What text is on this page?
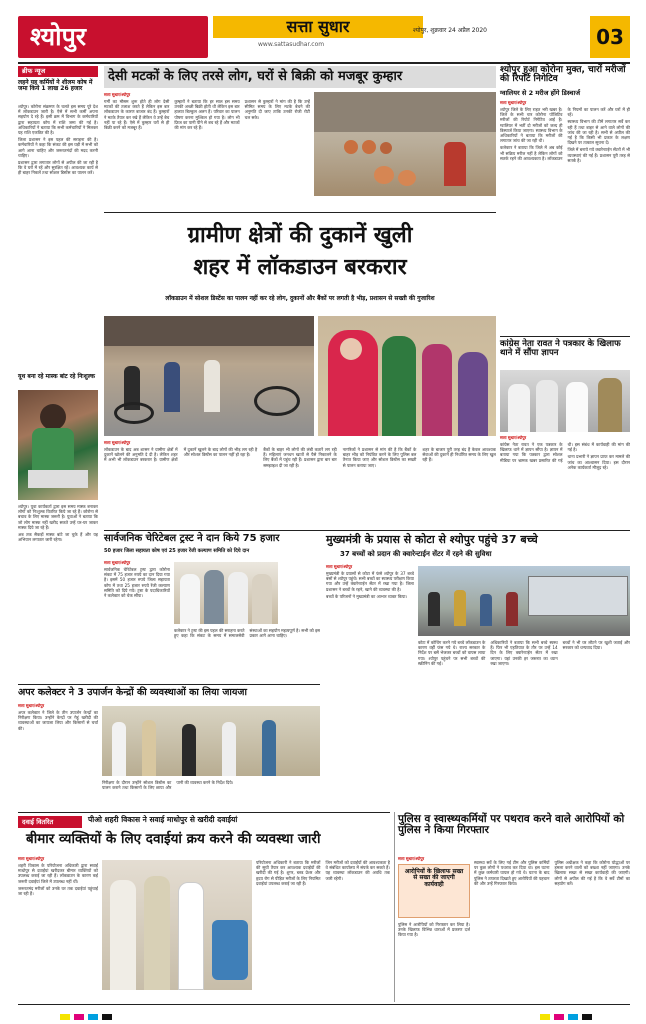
श्योपुर	सत्ता सुधार
www.sattasudhar.com
श्योपुर, शुक्रवार 24 अप्रैल 2020	03
ब्रीफ न्यूज
लहने यह कर्मियों ने शीलम कोष में जमा किये 1 लाख 26 हजार

श्योपुर। कोरोना संक्रमण के चलते इस समय पूरे देश में लॉकडाउन जारी है। ऐसे में सभी कर्मी अपना सहयोग दे रहे हैं। इसी क्रम में विभाग के कर्मचारियों द्वारा सहायता कोष में राशि जमा की गई है। अधिकारियों ने बताया कि सभी कर्मचारियों ने मिलकर यह राशि एकत्रित की है।

जिला प्रशासन ने इस पहल की सराहना की है। कर्मचारियों ने कहा कि संकट की इस घड़ी में सभी को आगे आना चाहिए और जरूरतमंदों की मदद करनी चाहिए।

प्रशासन द्वारा लगातार लोगों से अपील की जा रही है कि वे घरों में रहें और सुरक्षित रहें। आवश्यक कार्य से ही बाहर निकलें तथा सोशल डिस्टेंस का पालन करें।

यूथ बना रहे मास्क बांट रहे निःशुल्क

श्योपुर। युवा कार्यकर्ता द्वारा इस समय मास्क बनाकर लोगों को निःशुल्क वितरित किये जा रहे हैं। कोरोना से बचाव के लिए मास्क जरूरी है। युवाओं ने बताया कि जो लोग मास्क नहीं खरीद सकते उन्हें घर-घर जाकर मास्क दिये जा रहे हैं।

अब तक सैकड़ों मास्क बांटे जा चुके हैं और यह अभियान लगातार जारी रहेगा।

देसी मटकों के लिए तरसे लोग, घरों से बिक्री को मजबूर कुम्हार
सत्ता सुधार/श्योपुर

गर्मी का मौसम शुरू होते ही लोग देसी मटकों की तलाश करते हैं लेकिन इस बार लॉकडाउन के कारण बाजार बंद हैं। कुम्हारों ने मटके तैयार कर रखे हैं लेकिन वे उन्हें बेच नहीं पा रहे हैं। ऐसे में कुम्हार घरों से ही बिक्री करने को मजबूर हैं।

कुम्हारों ने बताया कि हर साल इस समय उनकी अच्छी बिक्री होती थी लेकिन इस बार हालात बिल्कुल अलग हैं। परिवार का पालन पोषण करना मुश्किल हो गया है। लोग भी फ्रिज का पानी पीने से बच रहे हैं और मटकों की मांग कर रहे हैं।

प्रशासन से कुम्हारों ने मांग की है कि उन्हें सीमित समय के लिए मटके बेचने की अनुमति दी जाए ताकि उनकी रोजी रोटी चल सके।

श्योपुर हुआ कोरोना मुक्त, चारों मरीजों की रिपोर्ट निगेटिव
ग्वालियर से 2 मरीज होंगे डिस्चार्ज
सत्ता सुधार/श्योपुर

श्योपुर जिले के लिए राहत भरी खबर है। जिले के सभी चार कोरोना पॉजिटिव मरीजों की रिपोर्ट निगेटिव आई है। ग्वालियर में भर्ती दो मरीजों को जल्द ही डिस्चार्ज किया जाएगा। स्वास्थ्य विभाग के अधिकारियों ने बताया कि मरीजों की लगातार जांच की जा रही थी।

कलेक्टर ने बताया कि जिले में अब कोई भी सक्रिय मरीज नहीं है लेकिन लोगों को सतर्क रहने की आवश्यकता है। लॉकडाउन के नियमों का पालन करें और घरों में ही रहें।

स्वास्थ्य विभाग की टीमें लगातार सर्वे कर रही हैं तथा बाहर से आने वाले लोगों की जांच की जा रही है। सभी से अपील की गई है कि किसी भी प्रकार के लक्षण दिखने पर तत्काल सूचना दें।

जिले में बनाये गये क्वारेन्टाईन सेंटरों में भी व्यवस्थाएं की गई हैं। प्रशासन पूरी तरह से सतर्क है।

ग्रामीण क्षेत्रों की दुकानें खुली
शहर में लॉकडाउन बरकरार
लॉकडाउन में सोशल डिस्टेंस का पालन नहीं कर रहे लोग, दुकानों और बैंकों पर लगती है भीड़, प्रशासन से सख्ती की गुजारिश
सत्ता सुधार/श्योपुर

लॉकडाउन के बाद अब शासन ने ग्रामीण क्षेत्रों में दुकानें खोलने की अनुमति दे दी है। लेकिन शहर में अभी भी लॉकडाउन बरकरार है। ग्रामीण क्षेत्रों में दुकानें खुलने के बाद लोगों की भीड़ लग रही है और सोशल डिस्टेंस का पालन नहीं हो रहा है।

बैंकों के बाहर भी लोगों की लंबी कतारें लग रही हैं। महिलाएं जनधन खातों से पैसे निकालने के लिए बैंकों में पहुंच रही हैं। प्रशासन द्वारा बार बार समझाइश दी जा रही है।

नागरिकों ने प्रशासन से मांग की है कि बैंकों के बाहर भीड़ को नियंत्रित करने के लिए पुलिस बल तैनात किया जाए और सोशल डिस्टेंस का सख्ती से पालन कराया जाए।

शहर के बाजार पूरी तरह बंद हैं केवल आवश्यक सेवाओं की दुकानें ही निर्धारित समय के लिए खुल रही हैं।

कांग्रेस नेता रावत ने पत्रकार के खिलाफ थाने में सौंपा ज्ञापन
सत्ता सुधार/श्योपुर

कांग्रेस नेता रावत ने एक पत्रकार के खिलाफ थाने में ज्ञापन सौंपा है। ज्ञापन में बताया गया कि पत्रकार द्वारा सोशल मीडिया पर भ्रामक खबर प्रसारित की गई थी। इस संबंध में कार्यवाही की मांग की गई है।

थाना प्रभारी ने ज्ञापन प्राप्त कर मामले की जांच का आश्वासन दिया। इस दौरान अनेक कार्यकर्ता मौजूद रहे।

सार्वजनिक चेरिटेबल ट्रस्ट ने दान किये 75 हजार
50 हजार जिला सहायता कोष एवं 25 हजार रेंजी कल्याण समिति को दिये दान
सत्ता सुधार/श्योपुर

सार्वजनिक चेरिटेबल ट्रस्ट द्वारा कोरोना संकट में 75 हजार रुपये का दान दिया गया है। इसमें 50 हजार रुपये जिला सहायता कोष में तथा 25 हजार रुपये रेंजी कल्याण समिति को दिये गये। ट्रस्ट के पदाधिकारियों ने कलेक्टर को चेक सौंपा।

कलेक्टर ने ट्रस्ट की इस पहल की सराहना करते हुए कहा कि संकट के समय में समाजसेवी संस्थाओं का सहयोग महत्वपूर्ण है। सभी को इस प्रकार आगे आना चाहिए।

मुख्यमंत्री के प्रयास से कोटा से श्योपुर पहुंचे 37 बच्चे
37 बच्चों को प्रदान की क्वारेन्टाईन सेंटर में रहने की सुविधा
सत्ता सुधार/श्योपुर

मुख्यमंत्री के प्रयासों से कोटा में फंसे श्योपुर के 37 बच्चे बसों से श्योपुर पहुंचे। सभी बच्चों का स्वास्थ्य परीक्षण किया गया और उन्हें क्वारेन्टाईन सेंटर में रखा गया है। जिला प्रशासन ने बच्चों के रहने, खाने की व्यवस्था की है।

बच्चों के परिजनों ने मुख्यमंत्री का आभार व्यक्त किया।

कोटा में कोचिंग करने गये बच्चे लॉकडाउन के कारण वहीं फंस गये थे। राज्य सरकार के निर्देश पर बसें भेजकर बच्चों को वापस लाया गया। श्योपुर पहुंचने पर सभी बच्चों की स्क्रीनिंग की गई।

अधिकारियों ने बताया कि सभी बच्चे स्वस्थ हैं। फिर भी एहतियात के तौर पर उन्हें 14 दिन के लिए क्वारेन्टाईन सेंटर में रखा जाएगा। यहां उनकी हर जरूरत का ध्यान रखा जाएगा।

बच्चों ने भी घर लौटने पर खुशी जताई और सरकार को धन्यवाद दिया।

अपर कलेक्टर ने 3 उपार्जन केन्द्रों की व्यवस्थाओं का लिया जायजा
सत्ता सुधार/श्योपुर

अपर कलेक्टर ने जिले के तीन उपार्जन केन्द्रों का निरीक्षण किया। उन्होंने केन्द्रों पर गेहूं खरीदी की व्यवस्थाओं का जायजा लिया और किसानों से चर्चा की।

निरीक्षण के दौरान उन्होंने सोशल डिस्टेंस का पालन कराने तथा किसानों के लिए छाया और पानी की व्यवस्था करने के निर्देश दिये।

दवाई वितरित	पीओ शहरी विकास ने सवाई माधोपुर से खरीदी दवाईयां
बीमार व्यक्तियों के लिए दवाईयां क्रय करने की व्यवस्था जारी
सत्ता सुधार/श्योपुर

शहरी विकास के परियोजना अधिकारी द्वारा सवाई माधोपुर से दवाईयां खरीदकर बीमार व्यक्तियों को उपलब्ध कराई जा रही हैं। लॉकडाउन के कारण कई जरूरी दवाईयां जिले में उपलब्ध नहीं थीं।

जरूरतमंद मरीजों को उनके घर तक दवाईयां पहुंचाई जा रही हैं।

परियोजना अधिकारी ने बताया कि मरीजों की सूची तैयार कर आवश्यक दवाईयों की खरीदी की गई है। शुगर, ब्लड प्रेशर और हृदय रोग से पीड़ित मरीजों के लिए नियमित दवाईयां उपलब्ध कराई जा रही हैं।

जिन मरीजों को दवाईयों की आवश्यकता है वे संबंधित कार्यालय में संपर्क कर सकते हैं। यह व्यवस्था लॉकडाउन की अवधि तक जारी रहेगी।

पुलिस व स्वास्थ्यकर्मियों पर पथराव करने वाले आरोपियों को पुलिस ने किया गिरफ्तार
सत्ता सुधार/श्योपुर
आरोपियों के खिलाफ सख्त से सख्त की जाएगी कार्यवाही

पुलिस ने आरोपियों को गिरफ्तार कर लिया है। उनके खिलाफ विभिन्न धाराओं में प्रकरण दर्ज किया गया है।

स्वास्थ्य सर्वे के लिए गई टीम और पुलिस कर्मियों पर कुछ लोगों ने पथराव कर दिया था। इस घटना में कुछ कर्मचारी घायल हो गये थे। घटना के बाद पुलिस ने तत्परता दिखाते हुए आरोपियों की पहचान की और उन्हें गिरफ्तार किया।

पुलिस अधीक्षक ने कहा कि कोरोना योद्धाओं पर हमला करने वालों को बख्शा नहीं जाएगा। उनके खिलाफ सख्त से सख्त कार्यवाही की जाएगी। लोगों से अपील की गई है कि वे सर्वे टीमों का सहयोग करें।
